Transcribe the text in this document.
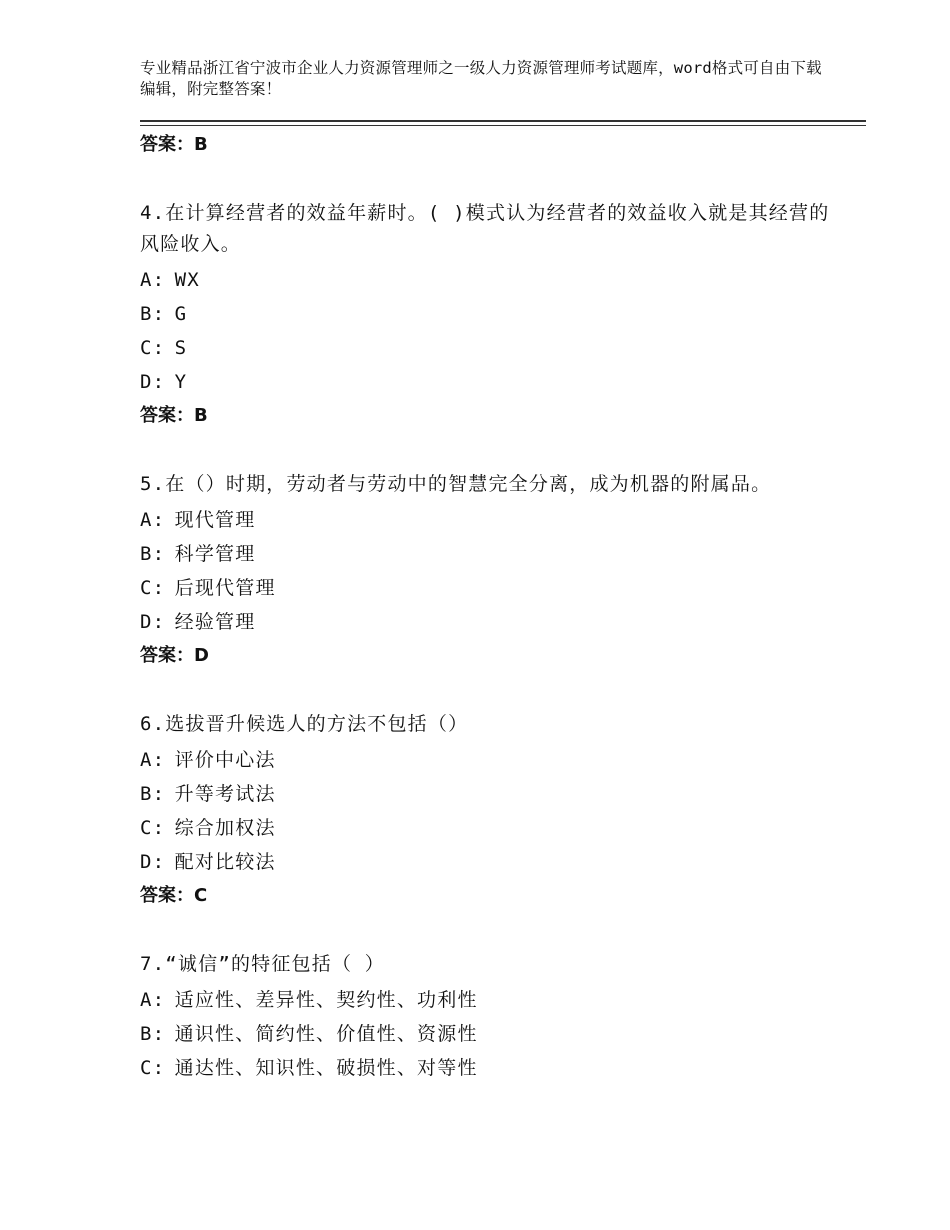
专业精品浙江省宁波市企业人力资源管理师之一级人力资源管理师考试题库，word格式可自由下载编辑，附完整答案！
答案：B
4.在计算经营者的效益年薪时。( )模式认为经营者的效益收入就是其经营的风险收入。
A: WX
B: G
C: S
D: Y
答案：B
5.在（）时期，劳动者与劳动中的智慧完全分离，成为机器的附属品。
A: 现代管理
B: 科学管理
C: 后现代管理
D: 经验管理
答案：D
6.选拔晋升候选人的方法不包括（）
A: 评价中心法
B: 升等考试法
C: 综合加权法
D: 配对比较法
答案：C
7.“诚信”的特征包括（ ）
A: 适应性、差异性、契约性、功利性
B: 通识性、简约性、价值性、资源性
C: 通达性、知识性、破损性、对等性
